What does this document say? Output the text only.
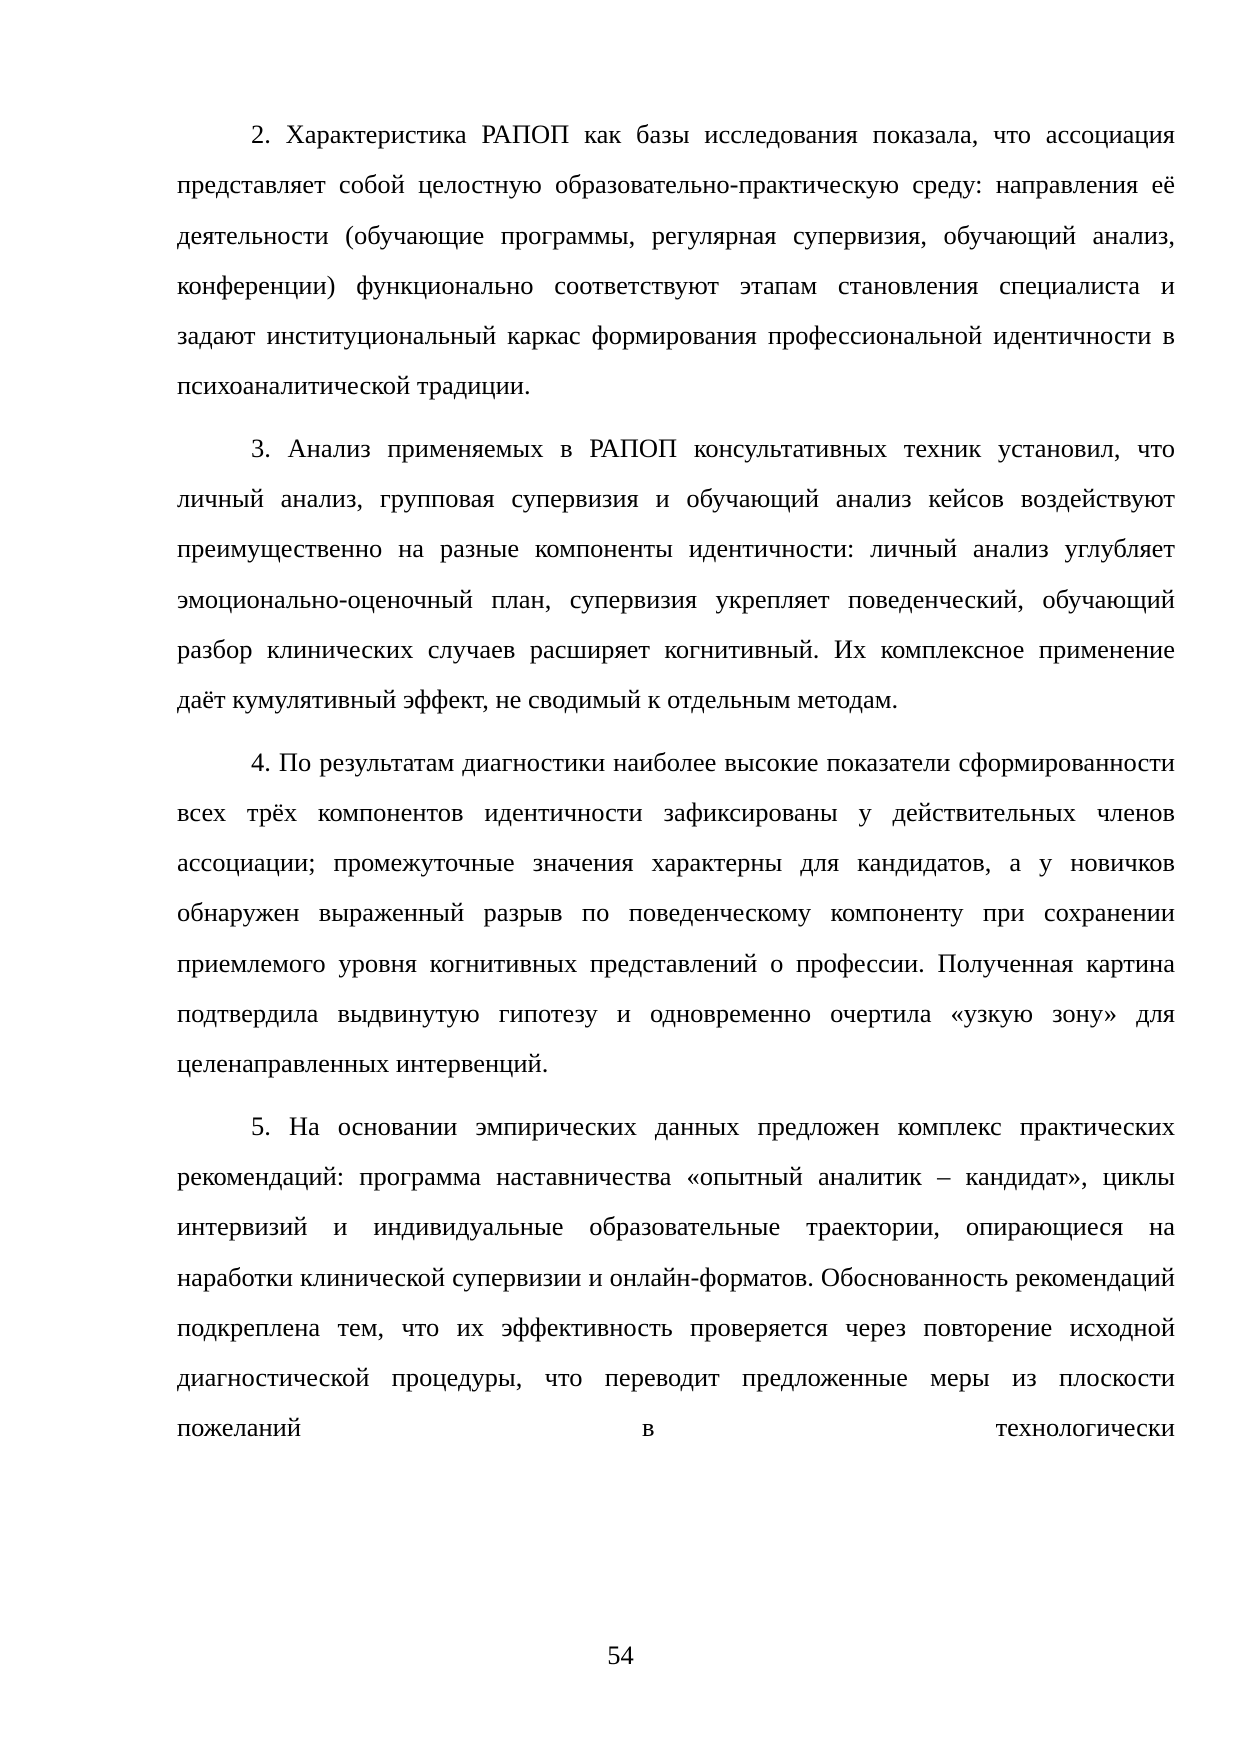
2. Характеристика РАПОП как базы исследования показала, что ассоциация представляет собой целостную образовательно-практическую среду: направления её деятельности (обучающие программы, регулярная супервизия, обучающий анализ, конференции) функционально соответствуют этапам становления специалиста и задают институциональный каркас формирования профессиональной идентичности в психоаналитической традиции.

3. Анализ применяемых в РАПОП консультативных техник установил, что личный анализ, групповая супервизия и обучающий анализ кейсов воздействуют преимущественно на разные компоненты идентичности: личный анализ углубляет эмоционально-оценочный план, супервизия укрепляет поведенческий, обучающий разбор клинических случаев расширяет когнитивный. Их комплексное применение даёт кумулятивный эффект, не сводимый к отдельным методам.

4. По результатам диагностики наиболее высокие показатели сформированности всех трёх компонентов идентичности зафиксированы у действительных членов ассоциации; промежуточные значения характерны для кандидатов, а у новичков обнаружен выраженный разрыв по поведенческому компоненту при сохранении приемлемого уровня когнитивных представлений о профессии. Полученная картина подтвердила выдвинутую гипотезу и одновременно очертила «узкую зону» для целенаправленных интервенций.

5. На основании эмпирических данных предложен комплекс практических рекомендаций: программа наставничества «опытный аналитик – кандидат», циклы интервизий и индивидуальные образовательные траектории, опирающиеся на наработки клинической супервизии и онлайн-форматов. Обоснованность рекомендаций подкреплена тем, что их эффективность проверяется через повторение исходной диагностической процедуры, что переводит предложенные меры из плоскости пожеланий в технологически

54
